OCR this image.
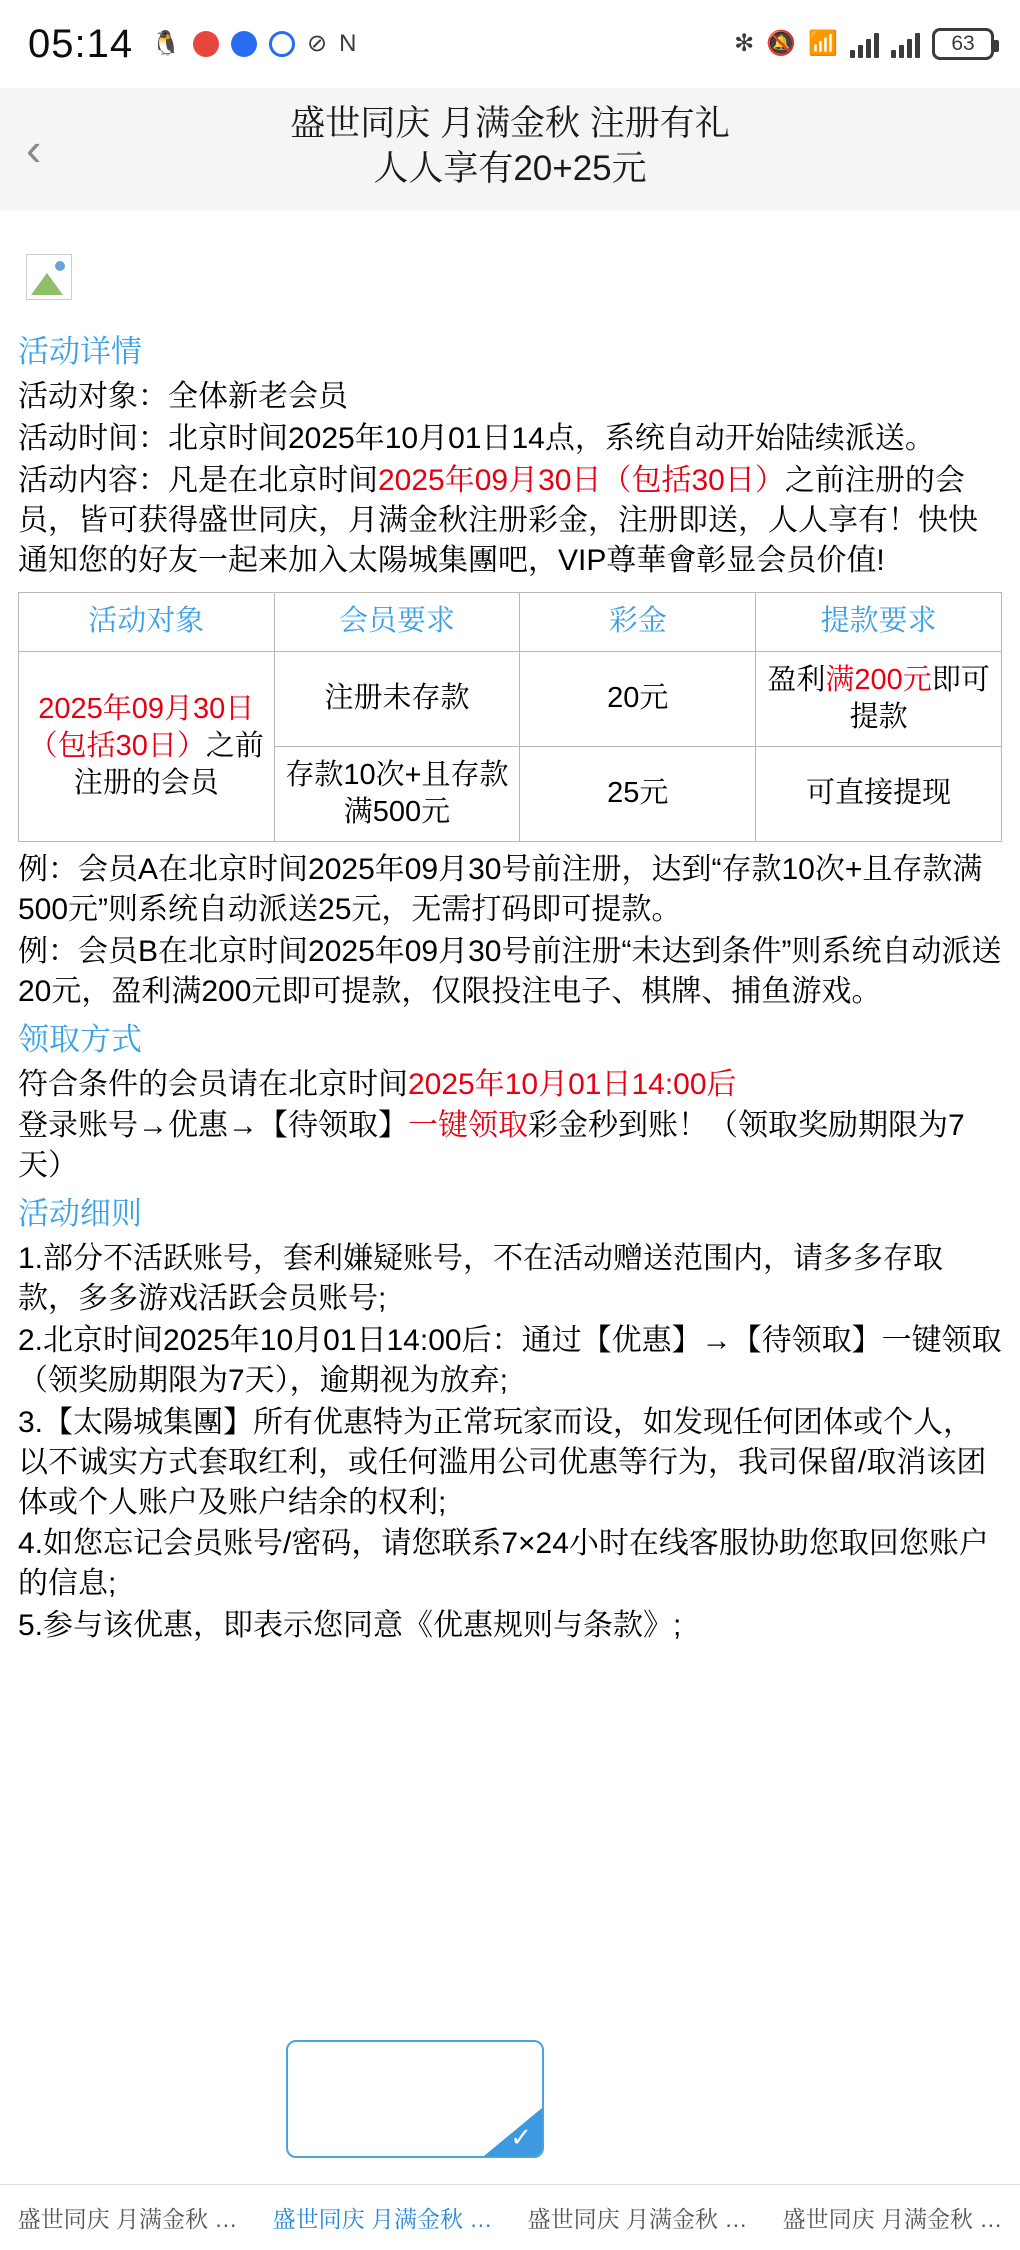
05:14 🐧	⊘ N	✻ 🔕 📶	63
‹	盛世同庆 月满金秋 注册有礼
人人享有20+25元
活动详情

活动对象：全体新老会员

活动时间：北京时间2025年10月01日14点，系统自动开始陆续派送。

活动内容：凡是在北京时间2025年09月30日（包括30日）之前注册的会员，皆可获得盛世同庆，月满金秋注册彩金，注册即送，人人享有！快快通知您的好友一起来加入太陽城集團吧，VIP尊華會彰显会员价值!

活动对象	会员要求	彩金	提款要求
2025年09月30日（包括30日）之前注册的会员	注册未存款	20元	盈利满200元即可提款
	存款10次+且存款满500元	25元	可直接提现

例：会员A在北京时间2025年09月30号前注册，达到“存款10次+且存款满500元”则系统自动派送25元，无需打码即可提款。

例：会员B在北京时间2025年09月30号前注册“未达到条件”则系统自动派送20元，盈利满200元即可提款，仅限投注电子、棋牌、捕鱼游戏。

领取方式

符合条件的会员请在北京时间2025年10月01日14:00后

登录账号→优惠→【待领取】一键领取彩金秒到账！（领取奖励期限为7天）

活动细则

1.部分不活跃账号，套利嫌疑账号，不在活动赠送范围内，请多多存取款，多多游戏活跃会员账号;

2.北京时间2025年10月01日14:00后：通过【优惠】→【待领取】一键领取（领奖励期限为7天），逾期视为放弃;

3.【太陽城集團】所有优惠特为正常玩家而设，如发现任何团体或个人，以不诚实方式套取红利，或任何滥用公司优惠等行为，我司保留/取消该团体或个人账户及账户结余的权利;

4.如您忘记会员账号/密码，请您联系7×24小时在线客服协助您取回您账户的信息;

5.参与该优惠，即表示您同意《优惠规则与条款》;

✓
盛世同庆 月满金秋 …	盛世同庆 月满金秋 …	盛世同庆 月满金秋 …	盛世同庆 月满金秋 …
